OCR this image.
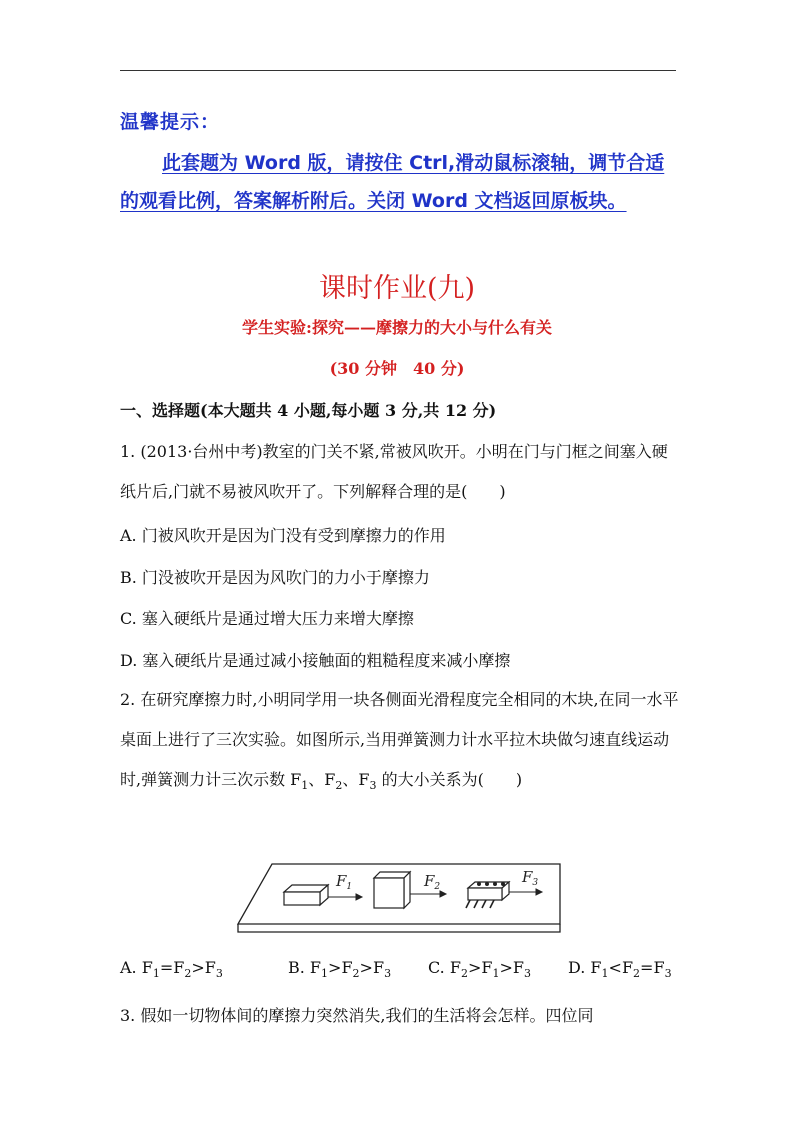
温馨提示：
此套题为 Word 版，请按住 Ctrl,滑动鼠标滚轴，调节合适的观看比例，答案解析附后。关闭 Word 文档返回原板块。
课时作业(九)
学生实验:探究——摩擦力的大小与什么有关
(30 分钟　40 分)
一、选择题(本大题共 4 小题,每小题 3 分,共 12 分)
1. (2013·台州中考)教室的门关不紧,常被风吹开。小明在门与门框之间塞入硬纸片后,门就不易被风吹开了。下列解释合理的是(　　)
A. 门被风吹开是因为门没有受到摩擦力的作用
B. 门没被吹开是因为风吹门的力小于摩擦力
C. 塞入硬纸片是通过增大压力来增大摩擦
D. 塞入硬纸片是通过减小接触面的粗糙程度来减小摩擦
2. 在研究摩擦力时,小明同学用一块各侧面光滑程度完全相同的木块,在同一水平桌面上进行了三次实验。如图所示,当用弹簧测力计水平拉木块做匀速直线运动时,弹簧测力计三次示数 $F_1$、$F_2$、$F_3$ 的大小关系为(　　)
$F_1$	$F_2$
$F_3$
A. $F_1=F_2>F_3$	B. $F_1>F_2>F_3$	C. $F_2>F_1>F_3$	D. $F_1<F_2=F_3$
3. 假如一切物体间的摩擦力突然消失,我们的生活将会怎样。四位同
